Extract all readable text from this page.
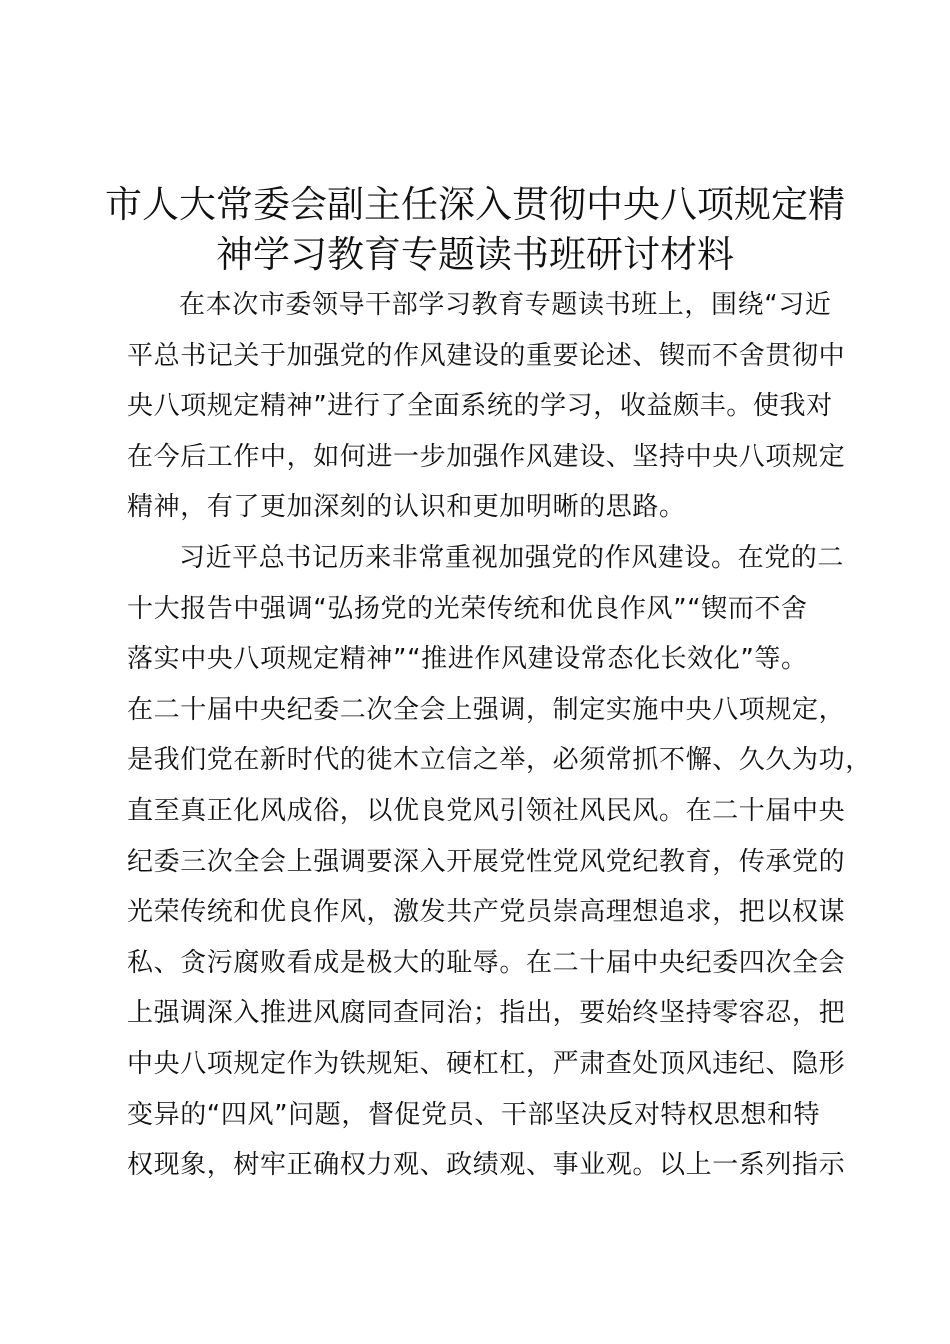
市人大常委会副主任深入贯彻中央八项规定精
神学习教育专题读书班研讨材料

在本次市委领导干部学习教育专题读书班上，围绕“习近
平总书记关于加强党的作风建设的重要论述、锲而不舍贯彻中
央八项规定精神”进行了全面系统的学习，收益颇丰。使我对
在今后工作中，如何进一步加强作风建设、坚持中央八项规定
精神，有了更加深刻的认识和更加明晰的思路。

习近平总书记历来非常重视加强党的作风建设。在党的二
十大报告中强调“弘扬党的光荣传统和优良作风”“锲而不舍
落实中央八项规定精神”“推进作风建设常态化长效化”等。
在二十届中央纪委二次全会上强调，制定实施中央八项规定，
是我们党在新时代的徙木立信之举，必须常抓不懈、久久为功，
直至真正化风成俗，以优良党风引领社风民风。在二十届中央
纪委三次全会上强调要深入开展党性党风党纪教育，传承党的
光荣传统和优良作风，激发共产党员崇高理想追求，把以权谋
私、贪污腐败看成是极大的耻辱。在二十届中央纪委四次全会
上强调深入推进风腐同查同治；指出，要始终坚持零容忍，把
中央八项规定作为铁规矩、硬杠杠，严肃查处顶风违纪、隐形
变异的“四风”问题，督促党员、干部坚决反对特权思想和特
权现象，树牢正确权力观、政绩观、事业观。以上一系列指示
